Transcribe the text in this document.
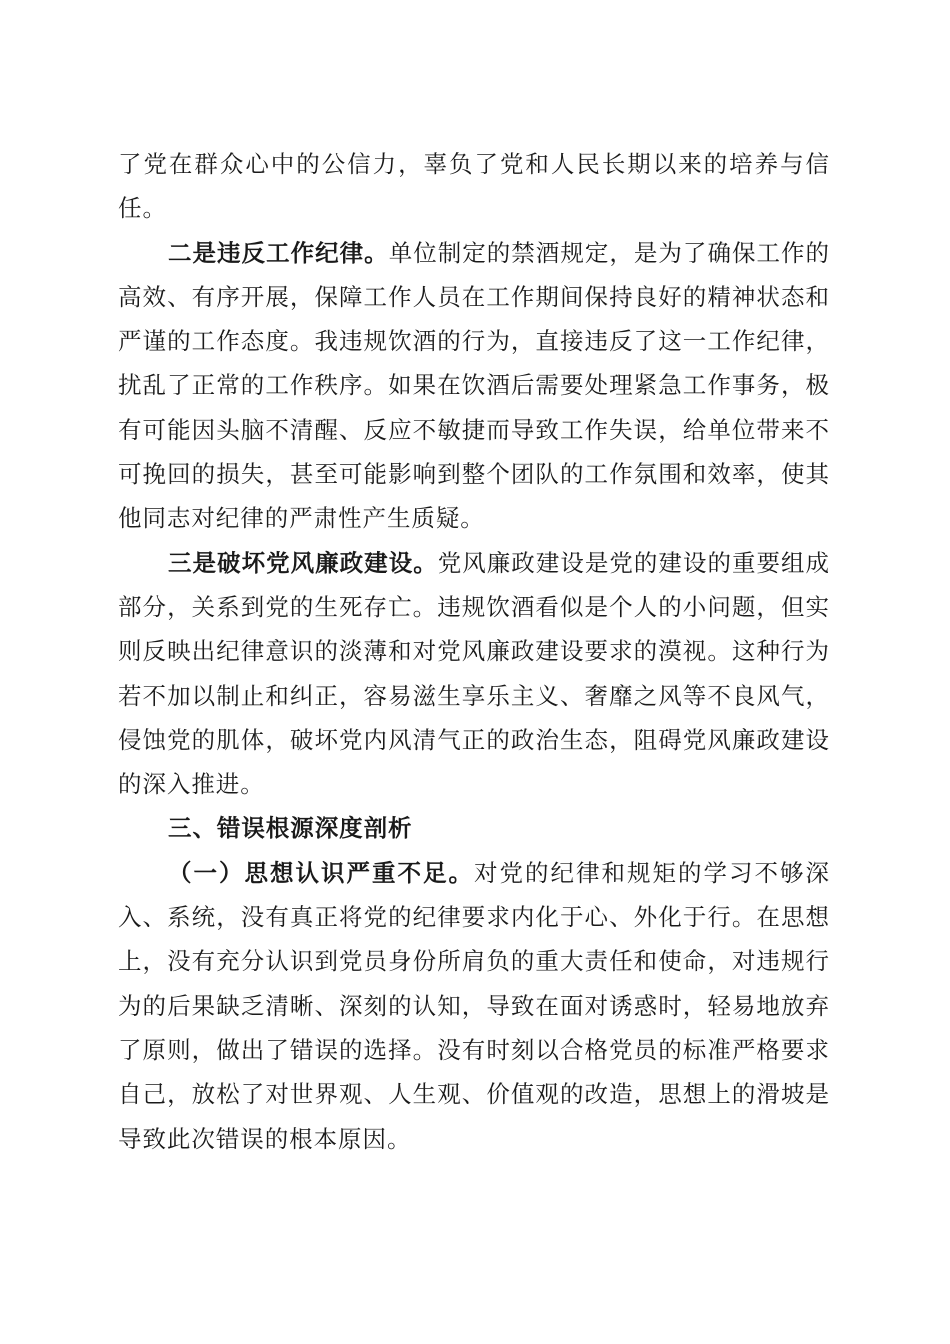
了党在群众心中的公信力，辜负了党和人民长期以来的培养与信任。

二是违反工作纪律。单位制定的禁酒规定，是为了确保工作的高效、有序开展，保障工作人员在工作期间保持良好的精神状态和严谨的工作态度。我违规饮酒的行为，直接违反了这一工作纪律，扰乱了正常的工作秩序。如果在饮酒后需要处理紧急工作事务，极有可能因头脑不清醒、反应不敏捷而导致工作失误，给单位带来不可挽回的损失，甚至可能影响到整个团队的工作氛围和效率，使其他同志对纪律的严肃性产生质疑。

三是破坏党风廉政建设。党风廉政建设是党的建设的重要组成部分，关系到党的生死存亡。违规饮酒看似是个人的小问题，但实则反映出纪律意识的淡薄和对党风廉政建设要求的漠视。这种行为若不加以制止和纠正，容易滋生享乐主义、奢靡之风等不良风气，侵蚀党的肌体，破坏党内风清气正的政治生态，阻碍党风廉政建设的深入推进。

三、错误根源深度剖析

（一）思想认识严重不足。对党的纪律和规矩的学习不够深入、系统，没有真正将党的纪律要求内化于心、外化于行。在思想上，没有充分认识到党员身份所肩负的重大责任和使命，对违规行为的后果缺乏清晰、深刻的认知，导致在面对诱惑时，轻易地放弃了原则，做出了错误的选择。没有时刻以合格党员的标准严格要求自己，放松了对世界观、人生观、价值观的改造，思想上的滑坡是导致此次错误的根本原因。
